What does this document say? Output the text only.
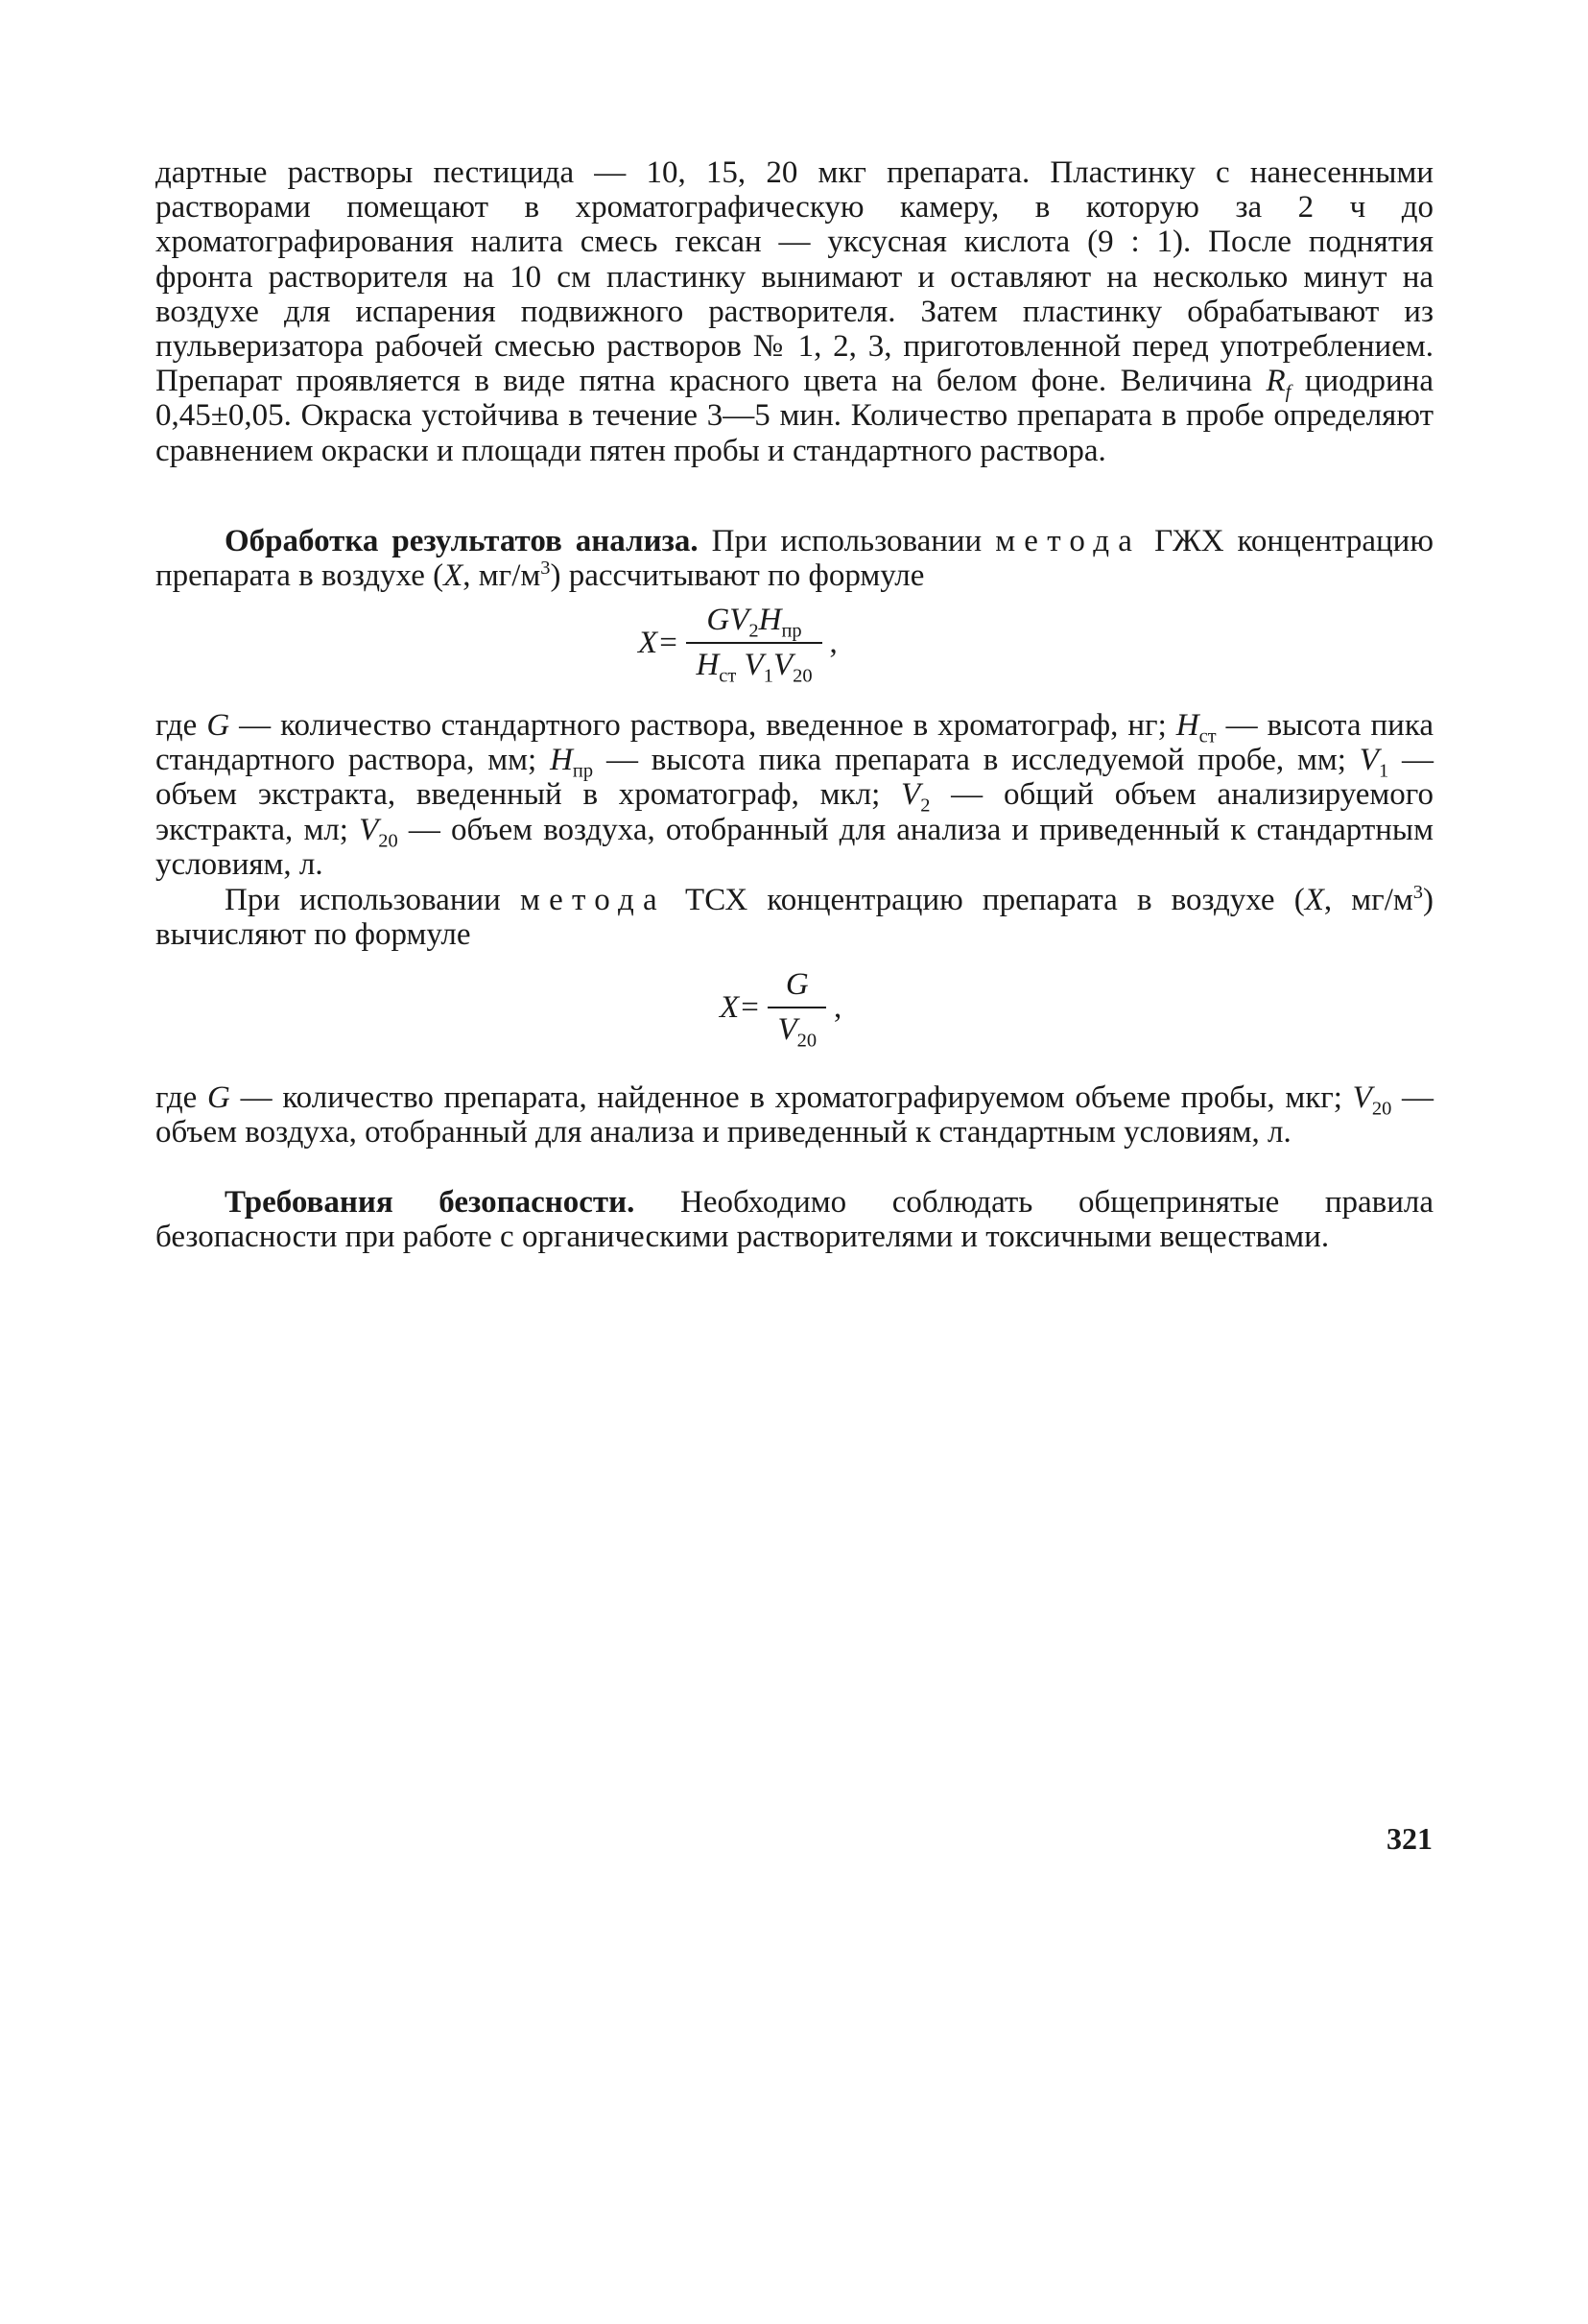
дартные растворы пестицида — 10, 15, 20 мкг препарата. Пластинку с нанесенными растворами помещают в хроматографическую камеру, в которую за 2 ч до хроматографирования налита смесь гексан — уксусная кислота (9 : 1). После поднятия фронта растворителя на 10 см пластинку вынимают и оставляют на несколько минут на воздухе для испарения подвижного растворителя. Затем пластинку обрабатывают из пульверизатора рабочей смесью растворов № 1, 2, 3, приготовленной перед употреблением. Препарат проявляется в виде пятна красного цвета на белом фоне. Величина $R_f$ циодрина 0,45±0,05. Окраска устойчива в течение 3—5 мин. Количество препарата в пробе определяют сравнением окраски и площади пятен пробы и стандартного раствора.

Обработка результатов анализа. При использовании метода ГЖХ концентрацию препарата в воздухе (X, $мг/м^3$) рассчитывают по формуле

$X= \frac{GV_2H_{пр}}{H_{ст} V_1V_{20}}$ ,

где G — количество стандартного раствора, введенное в хроматограф, нг; $H_{ст}$ — высота пика стандартного раствора, мм; $H_{пр}$ — высота пика препарата в исследуемой пробе, мм; $V_1$ — объем экстракта, введенный в хроматограф, мкл; $V_2$ — общий объем анализируемого экстракта, мл; $V_{20}$ — объем воздуха, отобранный для анализа и приведенный к стандартным условиям, л.

При использовании метода ТСХ концентрацию препарата в воздухе (X, $мг/м^3$) вычисляют по формуле

$X= \frac{G}{V_{20}}$ ,

где G — количество препарата, найденное в хроматографируемом объеме пробы, мкг; $V_{20}$ — объем воздуха, отобранный для анализа и приведенный к стандартным условиям, л.

Требования безопасности. Необходимо соблюдать общепринятые правила безопасности при работе с органическими растворителями и токсичными веществами.

321
